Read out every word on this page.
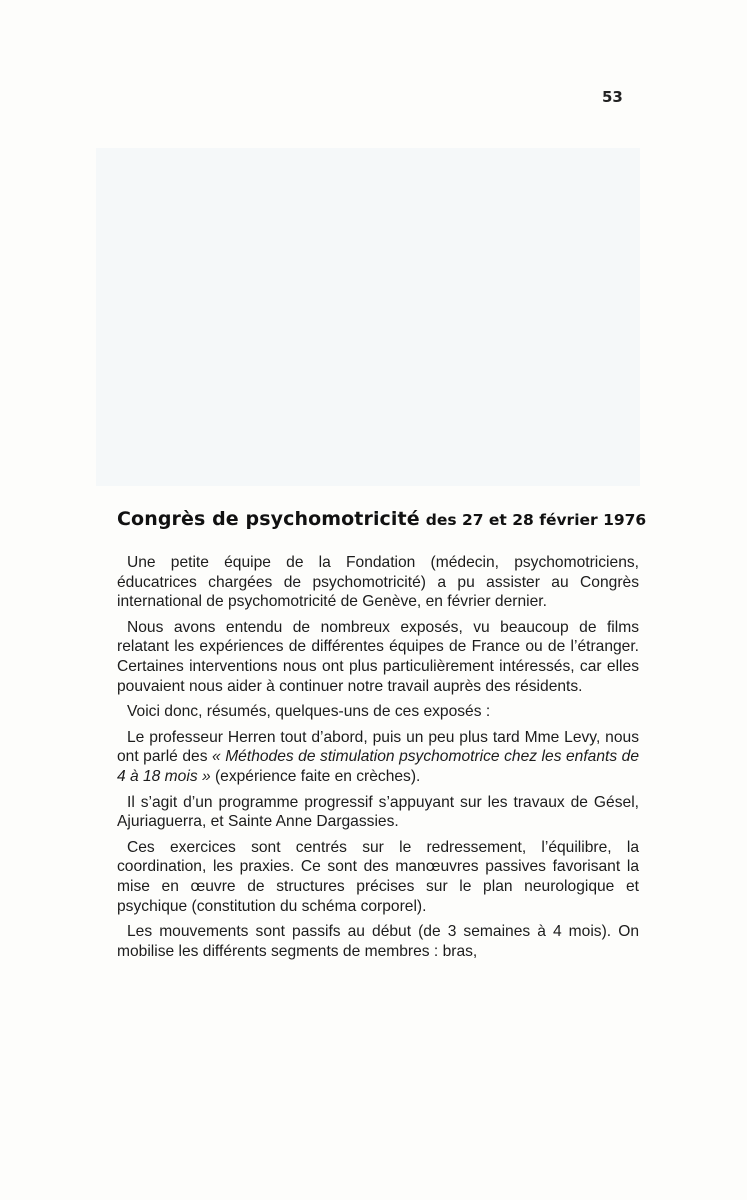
53
Congrès de psychomotricité des 27 et 28 février 1976

Une petite équipe de la Fondation (médecin, psychomotriciens, éducatrices chargées de psychomotricité) a pu assister au Congrès international de psychomotricité de Genève, en février dernier.

Nous avons entendu de nombreux exposés, vu beaucoup de films relatant les expériences de différentes équipes de France ou de l’étranger. Certaines interventions nous ont plus particulièrement intéressés, car elles pouvaient nous aider à continuer notre travail auprès des résidents.

Voici donc, résumés, quelques-uns de ces exposés :

Le professeur Herren tout d’abord, puis un peu plus tard Mme Levy, nous ont parlé des « Méthodes de stimulation psychomotrice chez les enfants de 4 à 18 mois » (expérience faite en crèches).

Il s’agit d’un programme progressif s’appuyant sur les travaux de Gésel, Ajuriaguerra, et Sainte Anne Dargassies.

Ces exercices sont centrés sur le redressement, l’équilibre, la coordination, les praxies. Ce sont des manœuvres passives favorisant la mise en œuvre de structures précises sur le plan neurologique et psychique (constitution du schéma corporel).

Les mouvements sont passifs au début (de 3 semaines à 4 mois). On mobilise les différents segments de membres : bras,
